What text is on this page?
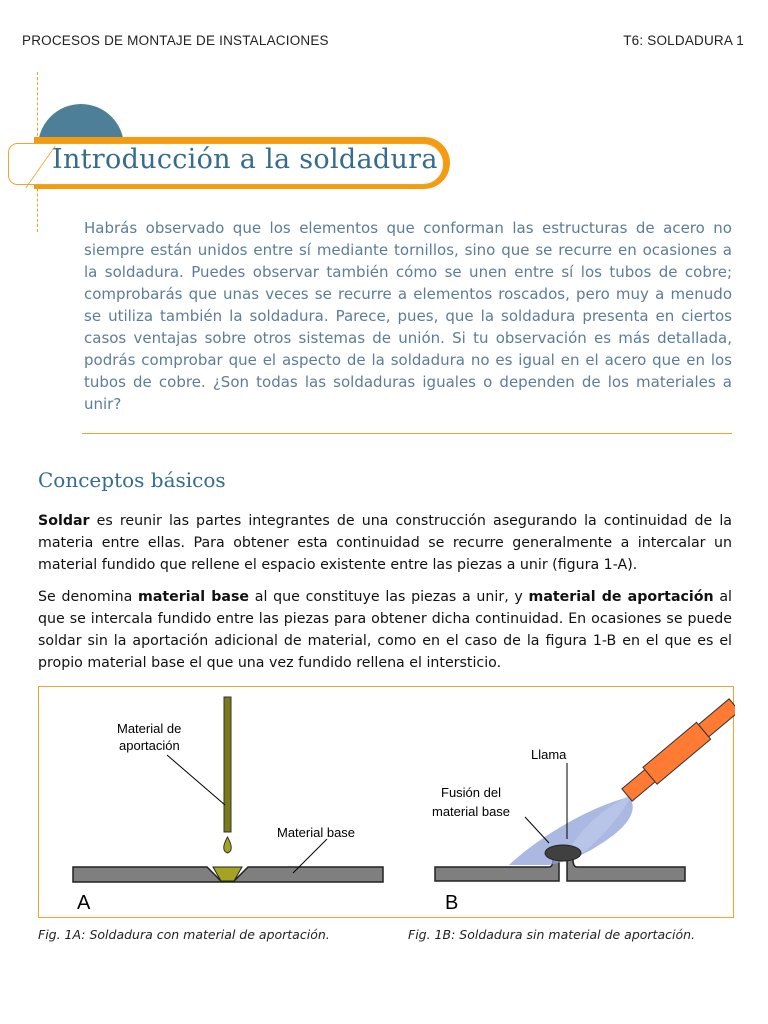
PROCESOS DE MONTAJE DE INSTALACIONES	T6: SOLDADURA 1
Introducción a la soldadura
Habrás observado que los elementos que conforman las estructuras de acero no siempre están unidos entre sí mediante tornillos, sino que se recurre en ocasiones a la soldadura. Puedes observar también cómo se unen entre sí los tubos de cobre; comprobarás que unas veces se recurre a elementos roscados, pero muy a menudo se utiliza también la soldadura. Parece, pues, que la soldadura presenta en ciertos casos ventajas sobre otros sistemas de unión. Si tu observación es más detallada, podrás comprobar que el aspecto de la soldadura no es igual en el acero que en los tubos de cobre. ¿Son todas las soldaduras iguales o dependen de los materiales a unir?
Conceptos básicos
Soldar es reunir las partes integrantes de una construcción asegurando la continuidad de la materia entre ellas. Para obtener esta continuidad se recurre generalmente a intercalar un material fundido que rellene el espacio existente entre las piezas a unir (figura 1-A).
Se denomina material base al que constituye las piezas a unir, y material de aportación al que se intercala fundido entre las piezas para obtener dicha continuidad. En ocasiones se puede soldar sin la aportación adicional de material, como en el caso de la figura 1-B en el que es el propio material base el que una vez fundido rellena el intersticio.
Material de
aportación
Material base
A
Llama
Fusión del
material base
B
Fig. 1A: Soldadura con material de aportación.	Fig. 1B: Soldadura sin material de aportación.
